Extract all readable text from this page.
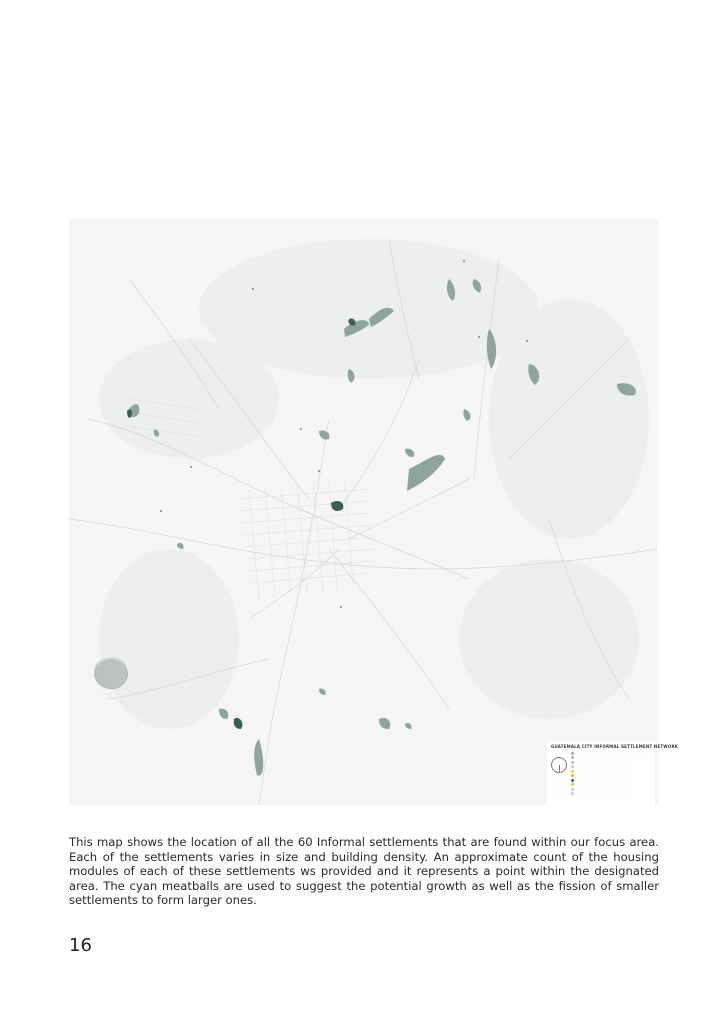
GUATEMALA CITY INFORMAL SETTLEMENT NETWORK

This map shows the location of all the 60 Informal settlements that are found within our focus area. Each of the settlements varies in size and building density. An approximate count of the housing modules of each of these settlements ws provided and it represents a point within the designated area. The cyan meatballs are used to suggest the potential growth as well as the fission of smaller settlements to form larger ones.

16
